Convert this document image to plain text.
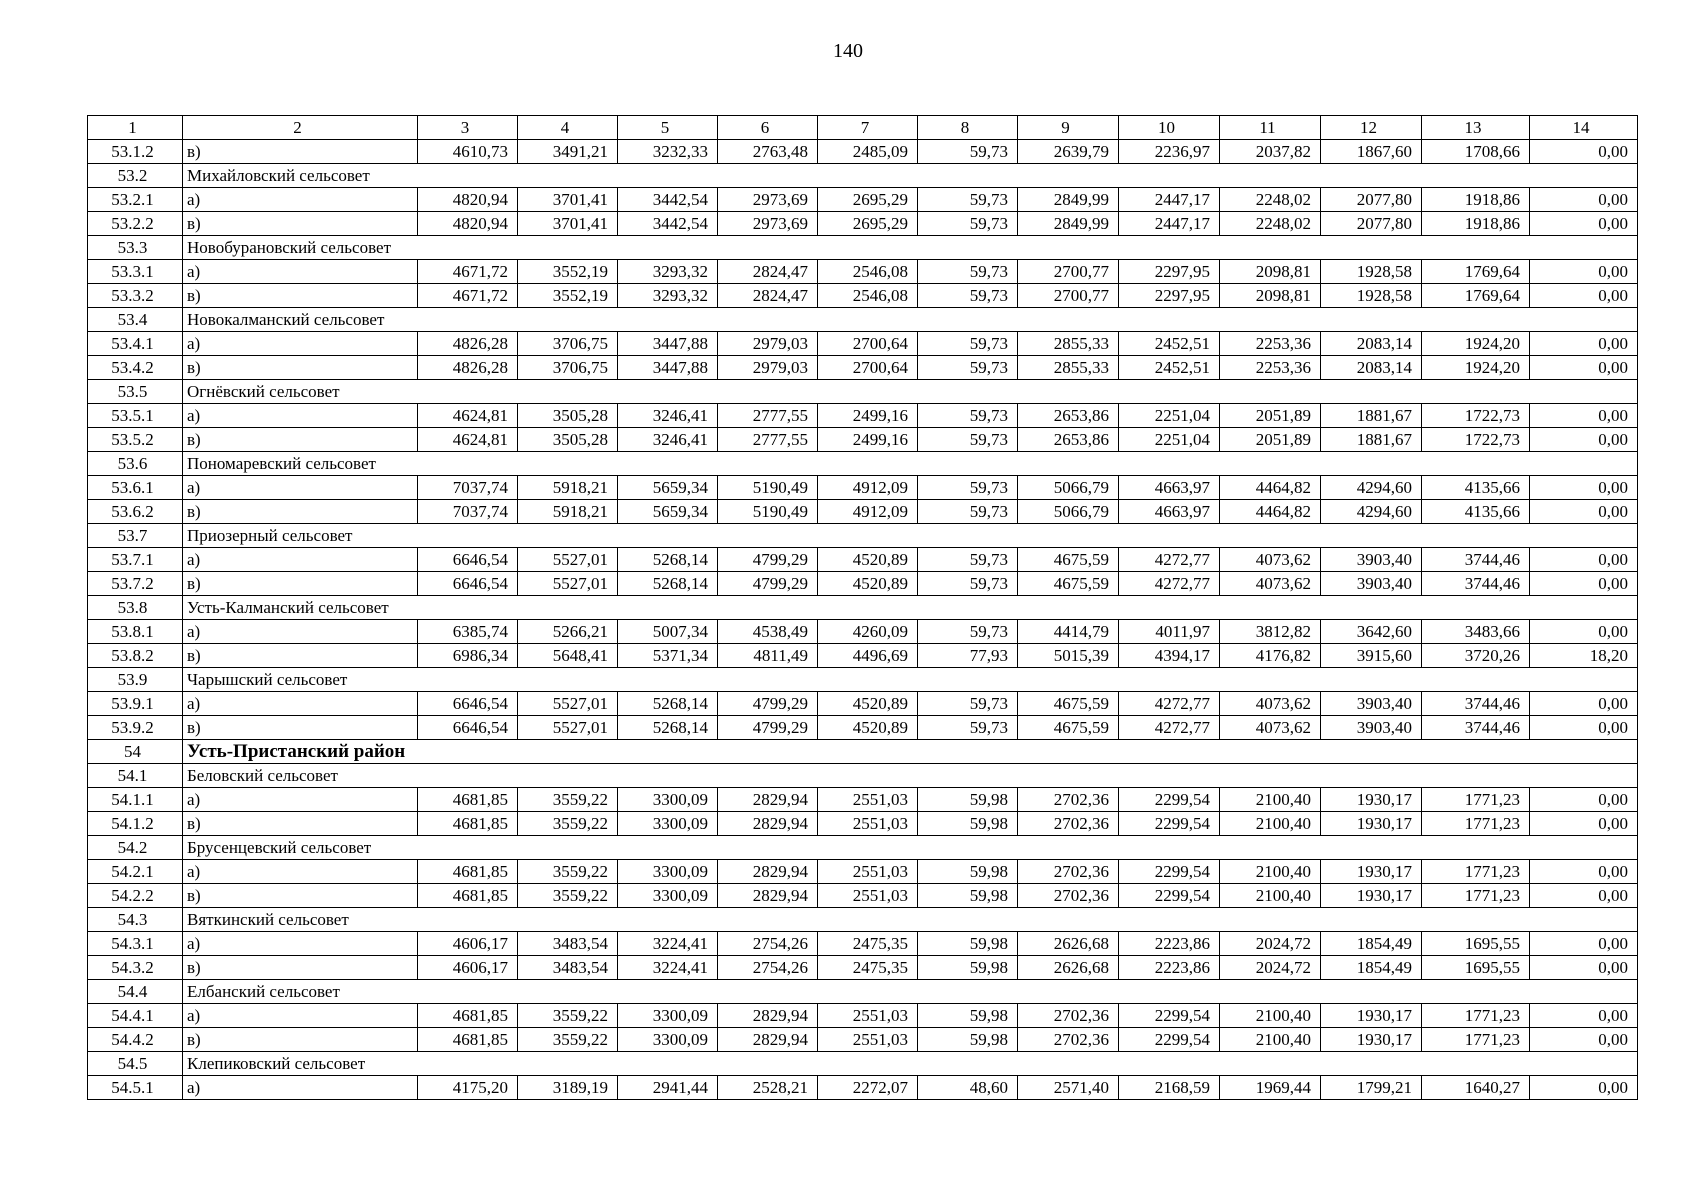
140
1	2	3	4	5	6	7	8	9	10	11	12	13	14
53.1.2	в)	4610,73	3491,21	3232,33	2763,48	2485,09	59,73	2639,79	2236,97	2037,82	1867,60	1708,66	0,00
53.2	Михайловский сельсовет												
53.2.1	а)	4820,94	3701,41	3442,54	2973,69	2695,29	59,73	2849,99	2447,17	2248,02	2077,80	1918,86	0,00
53.2.2	в)	4820,94	3701,41	3442,54	2973,69	2695,29	59,73	2849,99	2447,17	2248,02	2077,80	1918,86	0,00
53.3	Новобурановский сельсовет												
53.3.1	а)	4671,72	3552,19	3293,32	2824,47	2546,08	59,73	2700,77	2297,95	2098,81	1928,58	1769,64	0,00
53.3.2	в)	4671,72	3552,19	3293,32	2824,47	2546,08	59,73	2700,77	2297,95	2098,81	1928,58	1769,64	0,00
53.4	Новокалманский сельсовет												
53.4.1	а)	4826,28	3706,75	3447,88	2979,03	2700,64	59,73	2855,33	2452,51	2253,36	2083,14	1924,20	0,00
53.4.2	в)	4826,28	3706,75	3447,88	2979,03	2700,64	59,73	2855,33	2452,51	2253,36	2083,14	1924,20	0,00
53.5	Огнёвский сельсовет												
53.5.1	а)	4624,81	3505,28	3246,41	2777,55	2499,16	59,73	2653,86	2251,04	2051,89	1881,67	1722,73	0,00
53.5.2	в)	4624,81	3505,28	3246,41	2777,55	2499,16	59,73	2653,86	2251,04	2051,89	1881,67	1722,73	0,00
53.6	Пономаревский сельсовет												
53.6.1	а)	7037,74	5918,21	5659,34	5190,49	4912,09	59,73	5066,79	4663,97	4464,82	4294,60	4135,66	0,00
53.6.2	в)	7037,74	5918,21	5659,34	5190,49	4912,09	59,73	5066,79	4663,97	4464,82	4294,60	4135,66	0,00
53.7	Приозерный сельсовет												
53.7.1	а)	6646,54	5527,01	5268,14	4799,29	4520,89	59,73	4675,59	4272,77	4073,62	3903,40	3744,46	0,00
53.7.2	в)	6646,54	5527,01	5268,14	4799,29	4520,89	59,73	4675,59	4272,77	4073,62	3903,40	3744,46	0,00
53.8	Усть-Калманский сельсовет												
53.8.1	а)	6385,74	5266,21	5007,34	4538,49	4260,09	59,73	4414,79	4011,97	3812,82	3642,60	3483,66	0,00
53.8.2	в)	6986,34	5648,41	5371,34	4811,49	4496,69	77,93	5015,39	4394,17	4176,82	3915,60	3720,26	18,20
53.9	Чарышский сельсовет												
53.9.1	а)	6646,54	5527,01	5268,14	4799,29	4520,89	59,73	4675,59	4272,77	4073,62	3903,40	3744,46	0,00
53.9.2	в)	6646,54	5527,01	5268,14	4799,29	4520,89	59,73	4675,59	4272,77	4073,62	3903,40	3744,46	0,00
54	Усть-Пристанский район												
54.1	Беловский сельсовет												
54.1.1	а)	4681,85	3559,22	3300,09	2829,94	2551,03	59,98	2702,36	2299,54	2100,40	1930,17	1771,23	0,00
54.1.2	в)	4681,85	3559,22	3300,09	2829,94	2551,03	59,98	2702,36	2299,54	2100,40	1930,17	1771,23	0,00
54.2	Брусенцевский сельсовет												
54.2.1	а)	4681,85	3559,22	3300,09	2829,94	2551,03	59,98	2702,36	2299,54	2100,40	1930,17	1771,23	0,00
54.2.2	в)	4681,85	3559,22	3300,09	2829,94	2551,03	59,98	2702,36	2299,54	2100,40	1930,17	1771,23	0,00
54.3	Вяткинский сельсовет												
54.3.1	а)	4606,17	3483,54	3224,41	2754,26	2475,35	59,98	2626,68	2223,86	2024,72	1854,49	1695,55	0,00
54.3.2	в)	4606,17	3483,54	3224,41	2754,26	2475,35	59,98	2626,68	2223,86	2024,72	1854,49	1695,55	0,00
54.4	Елбанский сельсовет												
54.4.1	а)	4681,85	3559,22	3300,09	2829,94	2551,03	59,98	2702,36	2299,54	2100,40	1930,17	1771,23	0,00
54.4.2	в)	4681,85	3559,22	3300,09	2829,94	2551,03	59,98	2702,36	2299,54	2100,40	1930,17	1771,23	0,00
54.5	Клепиковский сельсовет												
54.5.1	а)	4175,20	3189,19	2941,44	2528,21	2272,07	48,60	2571,40	2168,59	1969,44	1799,21	1640,27	0,00
